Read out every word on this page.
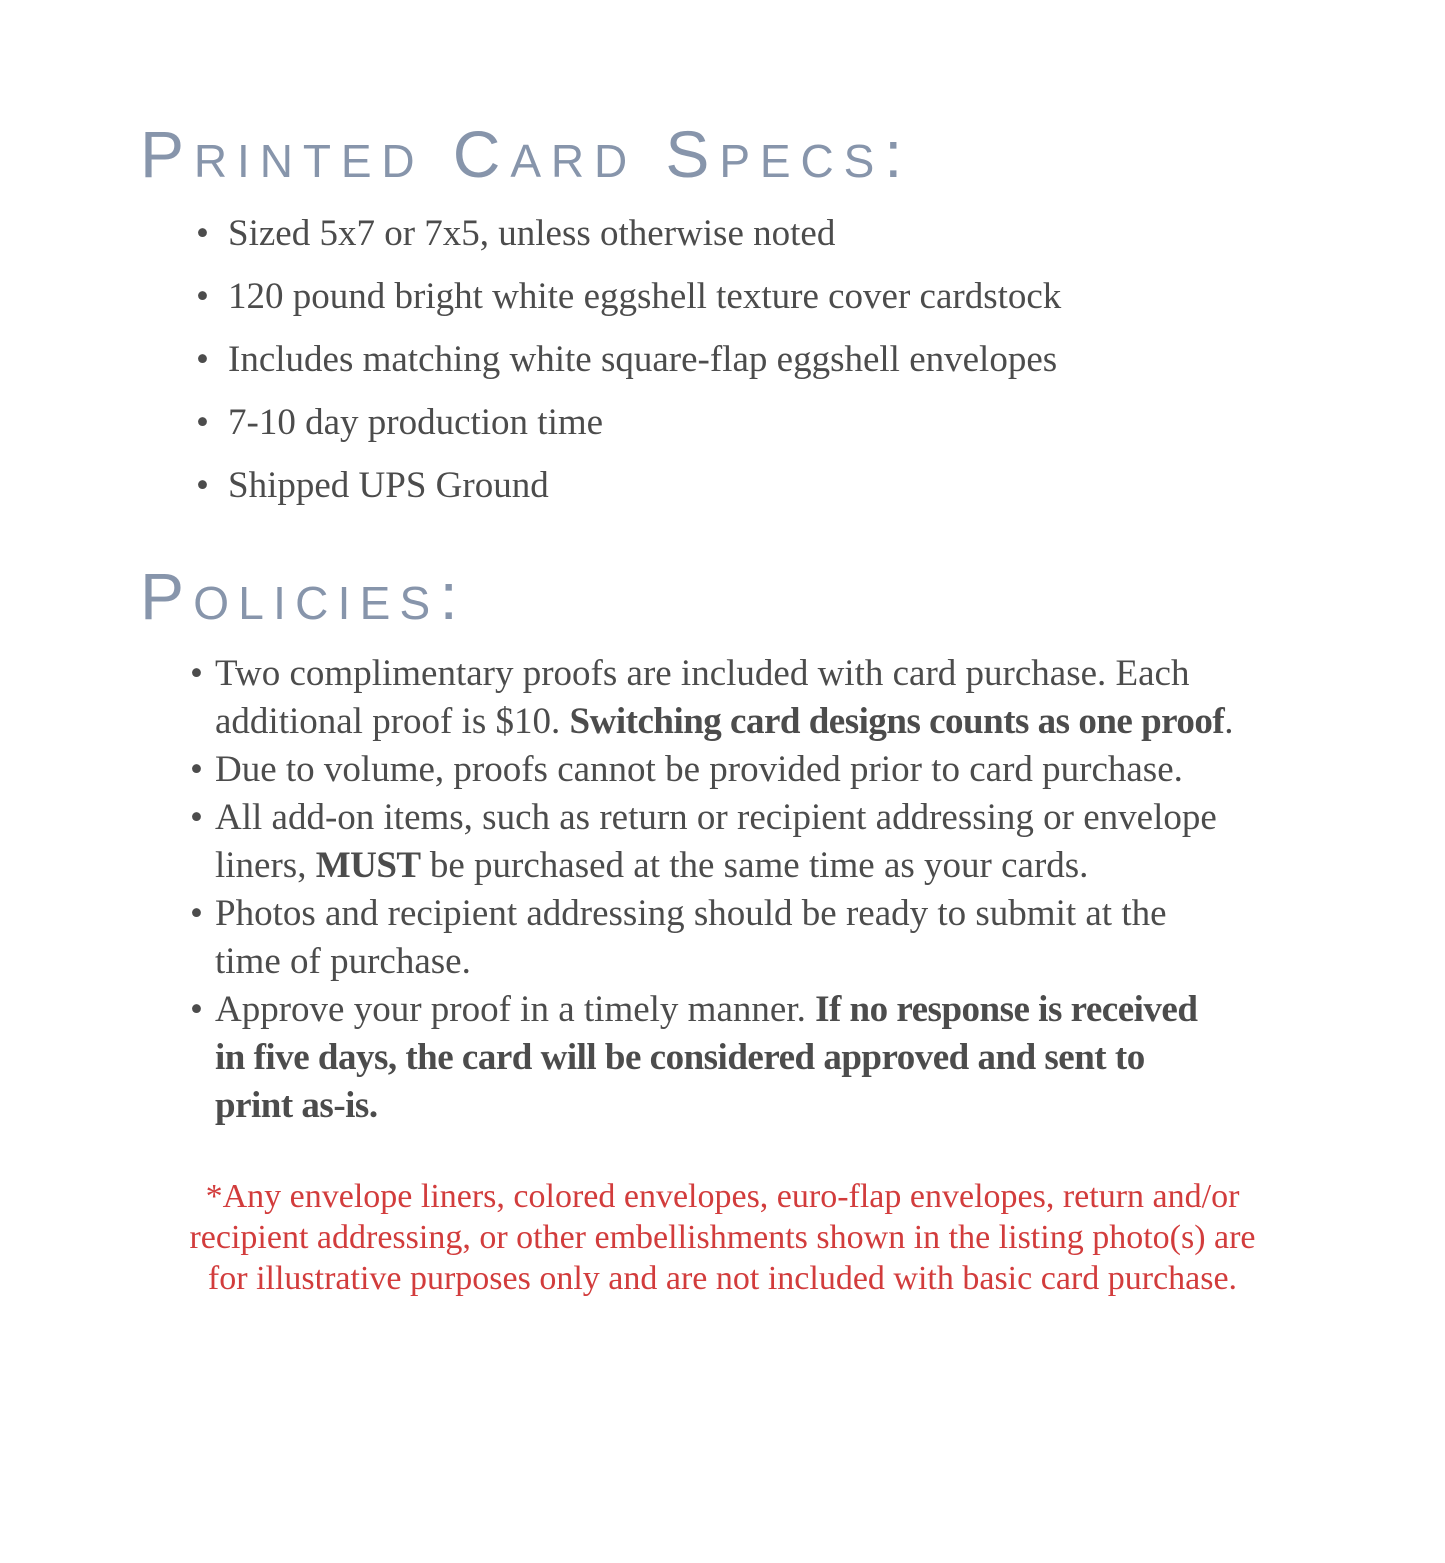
Printed Card Specs:
• Sized 5x7 or 7x5, unless otherwise noted
• 120 pound bright white eggshell texture cover cardstock
• Includes matching white square-flap eggshell envelopes
• 7-10 day production time
• Shipped UPS Ground
Policies:
• Two complimentary proofs are included with card purchase. Each
additional proof is $10. Switching card designs counts as one proof.
• Due to volume, proofs cannot be provided prior to card purchase.
• All add-on items, such as return or recipient addressing or envelope
liners, MUST be purchased at the same time as your cards.
• Photos and recipient addressing should be ready to submit at the
time of purchase.
• Approve your proof in a timely manner. If no response is received
in five days, the card will be considered approved and sent to
print as-is.

*Any envelope liners, colored envelopes, euro-flap envelopes, return and/or
recipient addressing, or other embellishments shown in the listing photo(s) are
for illustrative purposes only and are not included with basic card purchase.
